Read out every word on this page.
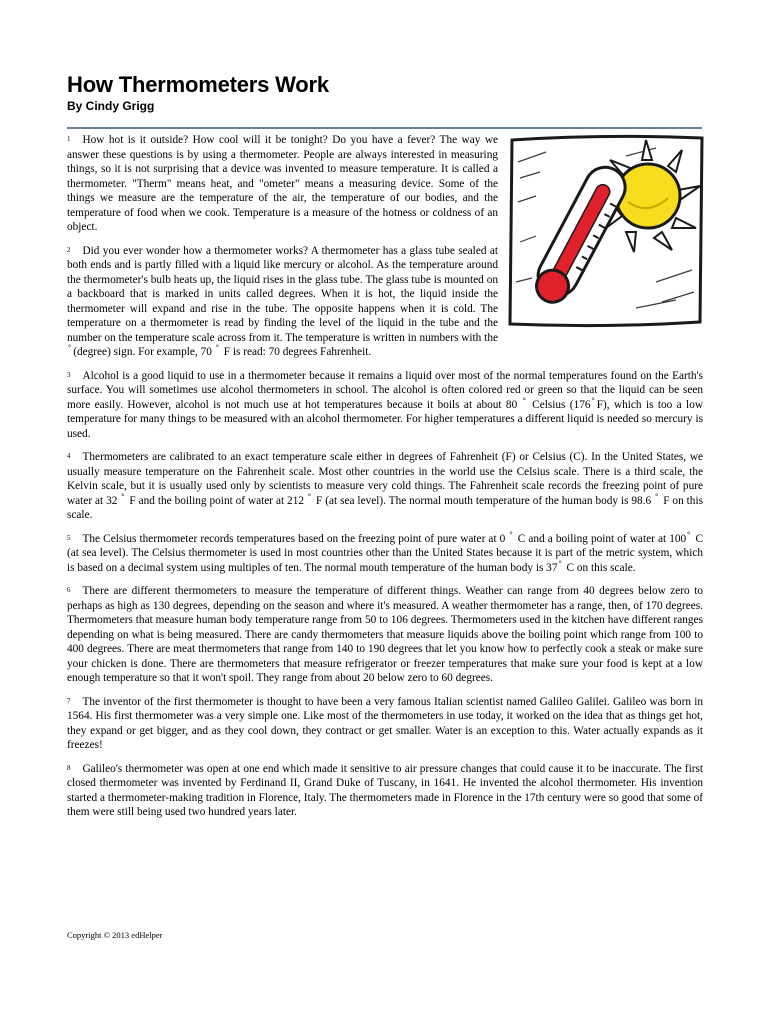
How Thermometers Work
By Cindy Grigg

$^1$ How hot is it outside? How cool will it be tonight? Do you have a fever? The way we answer these questions is by using a thermometer. People are always interested in measuring things, so it is not surprising that a device was invented to measure temperature. It is called a thermometer. "Therm" means heat, and "ometer" means a measuring device. Some of the things we measure are the temperature of the air, the temperature of our bodies, and the temperature of food when we cook. Temperature is a measure of the hotness or coldness of an object.

$^2$ Did you ever wonder how a thermometer works? A thermometer has a glass tube sealed at both ends and is partly filled with a liquid like mercury or alcohol. As the temperature around the thermometer's bulb heats up, the liquid rises in the glass tube. The glass tube is mounted on a backboard that is marked in units called degrees. When it is hot, the liquid inside the thermometer will expand and rise in the tube. The opposite happens when it is cold. The temperature on a thermometer is read by finding the level of the liquid in the tube and the number on the temperature scale across from it. The temperature is written in numbers with the ° (degree) sign. For example, 70 ° F is read: 70 degrees Fahrenheit.

$^3$ Alcohol is a good liquid to use in a thermometer because it remains a liquid over most of the normal temperatures found on the Earth's surface. You will sometimes use alcohol thermometers in school. The alcohol is often colored red or green so that the liquid can be seen more easily. However, alcohol is not much use at hot temperatures because it boils at about 80 ° Celsius (176° F), which is too a low temperature for many things to be measured with an alcohol thermometer. For higher temperatures a different liquid is needed so mercury is used.

$^4$ Thermometers are calibrated to an exact temperature scale either in degrees of Fahrenheit (F) or Celsius (C). In the United States, we usually measure temperature on the Fahrenheit scale. Most other countries in the world use the Celsius scale. There is a third scale, the Kelvin scale, but it is usually used only by scientists to measure very cold things. The Fahrenheit scale records the freezing point of pure water at 32 ° F and the boiling point of water at 212 ° F (at sea level). The normal mouth temperature of the human body is 98.6 ° F on this scale.

$^5$ The Celsius thermometer records temperatures based on the freezing point of pure water at 0 ° C and a boiling point of water at 100° C (at sea level). The Celsius thermometer is used in most countries other than the United States because it is part of the metric system, which is based on a decimal system using multiples of ten. The normal mouth temperature of the human body is 37° C on this scale.

$^6$ There are different thermometers to measure the temperature of different things. Weather can range from 40 degrees below zero to perhaps as high as 130 degrees, depending on the season and where it's measured. A weather thermometer has a range, then, of 170 degrees. Thermometers that measure human body temperature range from 50 to 106 degrees. Thermometers used in the kitchen have different ranges depending on what is being measured. There are candy thermometers that measure liquids above the boiling point which range from 100 to 400 degrees. There are meat thermometers that range from 140 to 190 degrees that let you know how to perfectly cook a steak or make sure your chicken is done. There are thermometers that measure refrigerator or freezer temperatures that make sure your food is kept at a low enough temperature so that it won't spoil. They range from about 20 below zero to 60 degrees.

$^7$ The inventor of the first thermometer is thought to have been a very famous Italian scientist named Galileo Galilei. Galileo was born in 1564. His first thermometer was a very simple one. Like most of the thermometers in use today, it worked on the idea that as things get hot, they expand or get bigger, and as they cool down, they contract or get smaller. Water is an exception to this. Water actually expands as it freezes!

$^8$ Galileo's thermometer was open at one end which made it sensitive to air pressure changes that could cause it to be inaccurate. The first closed thermometer was invented by Ferdinand II, Grand Duke of Tuscany, in 1641. He invented the alcohol thermometer. His invention started a thermometer-making tradition in Florence, Italy. The thermometers made in Florence in the 17th century were so good that some of them were still being used two hundred years later.

Copyright © 2013 edHelper
